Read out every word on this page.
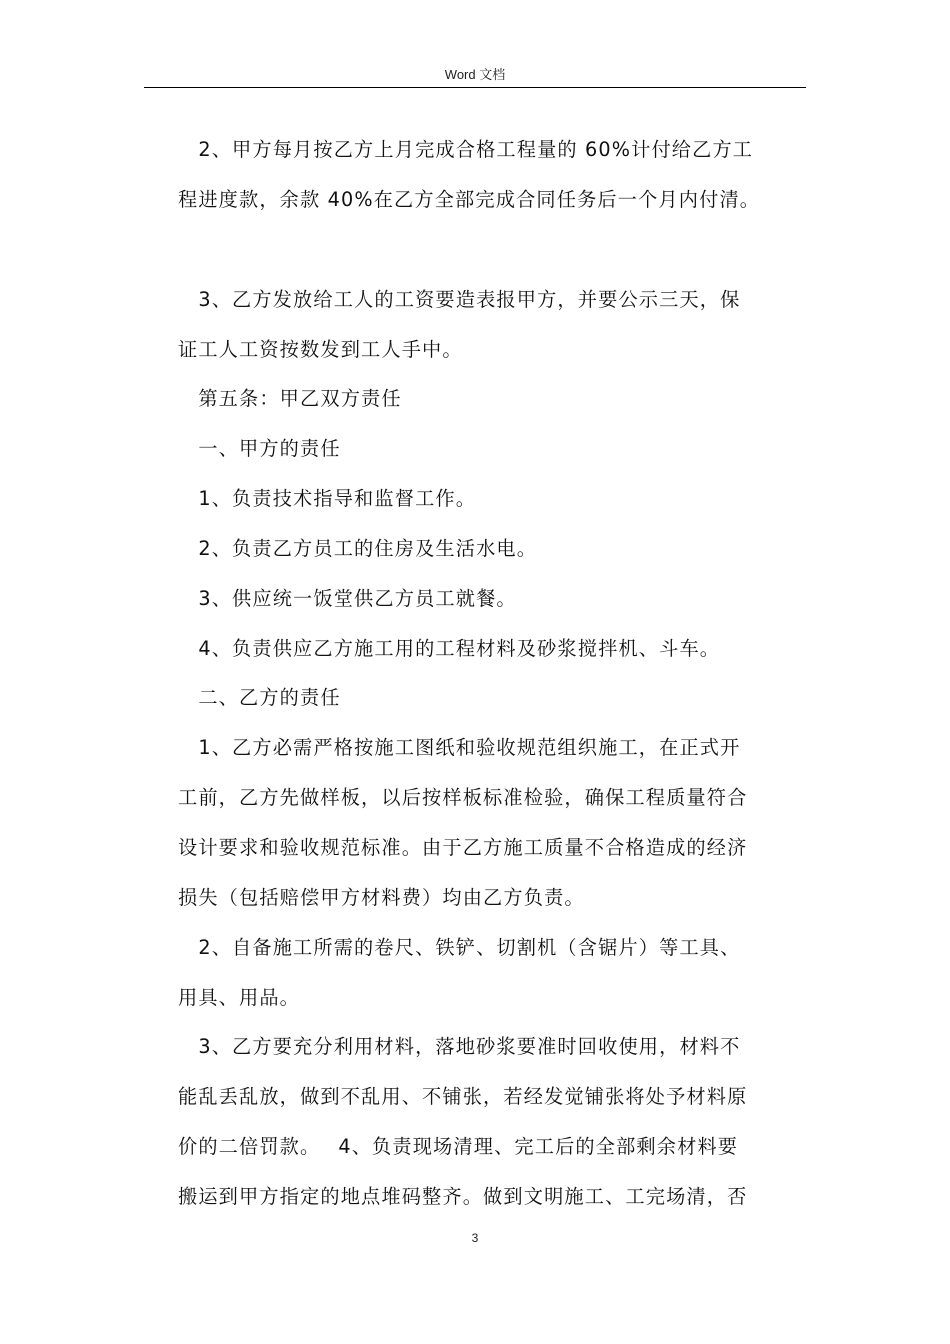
Word 文档

　2、甲方每月按乙方上月完成合格工程量的 60%计付给乙方工

程进度款，余款 40%在乙方全部完成合同任务后一个月内付清。

　3、乙方发放给工人的工资要造表报甲方，并要公示三天，保

证工人工资按数发到工人手中。

　第五条：甲乙双方责任

　一、甲方的责任

　1、负责技术指导和监督工作。

　2、负责乙方员工的住房及生活水电。

　3、供应统一饭堂供乙方员工就餐。

　4、负责供应乙方施工用的工程材料及砂浆搅拌机、斗车。

　二、乙方的责任

　1、乙方必需严格按施工图纸和验收规范组织施工，在正式开

工前，乙方先做样板，以后按样板标准检验，确保工程质量符合

设计要求和验收规范标准。由于乙方施工质量不合格造成的经济

损失（包括赔偿甲方材料费）均由乙方负责。

　2、自备施工所需的卷尺、铁铲、切割机（含锯片）等工具、

用具、用品。

　3、乙方要充分利用材料，落地砂浆要准时回收使用，材料不

能乱丢乱放，做到不乱用、不铺张，若经发觉铺张将处予材料原

价的二倍罚款。　 4、负责现场清理、完工后的全部剩余材料要

搬运到甲方指定的地点堆码整齐。做到文明施工、工完场清，否

3
